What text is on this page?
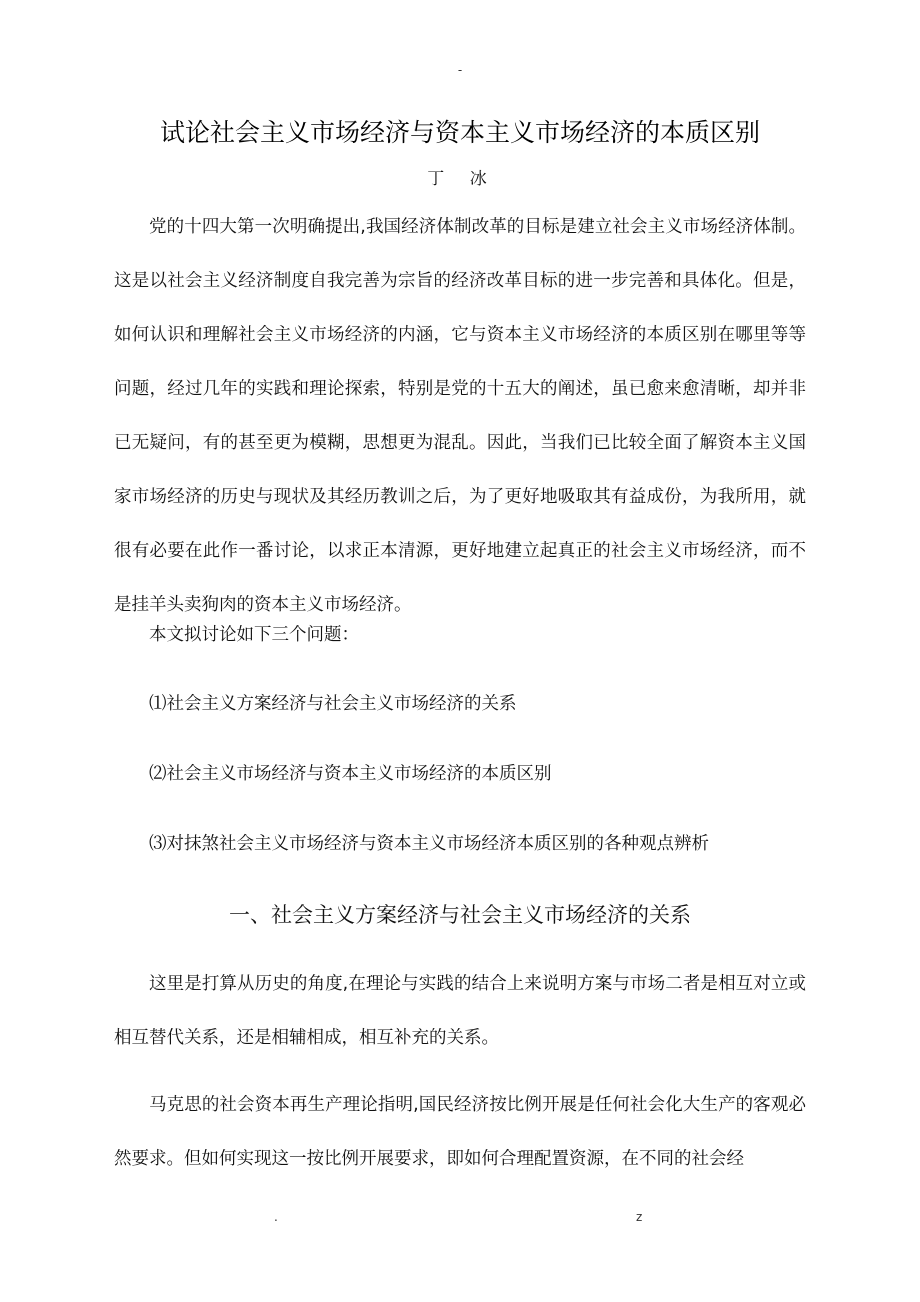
-
试论社会主义市场经济与资本主义市场经济的本质区别
丁 冰

党的十四大第一次明确提出,我国经济体制改革的目标是建立社会主义市场经济体制。这是以社会主义经济制度自我完善为宗旨的经济改革目标的进一步完善和具体化。但是，如何认识和理解社会主义市场经济的内涵，它与资本主义市场经济的本质区别在哪里等等问题，经过几年的实践和理论探索，特别是党的十五大的阐述，虽已愈来愈清晰，却并非已无疑问，有的甚至更为模糊，思想更为混乱。因此，当我们已比较全面了解资本主义国家市场经济的历史与现状及其经历教训之后，为了更好地吸取其有益成份，为我所用，就很有必要在此作一番讨论，以求正本清源，更好地建立起真正的社会主义市场经济，而不是挂羊头卖狗肉的资本主义市场经济。

本文拟讨论如下三个问题：

⑴社会主义方案经济与社会主义市场经济的关系

⑵社会主义市场经济与资本主义市场经济的本质区别

⑶对抹煞社会主义市场经济与资本主义市场经济本质区别的各种观点辨析

一、社会主义方案经济与社会主义市场经济的关系

这里是打算从历史的角度,在理论与实践的结合上来说明方案与市场二者是相互对立或相互替代关系，还是相辅相成，相互补充的关系。

马克思的社会资本再生产理论指明,国民经济按比例开展是任何社会化大生产的客观必然要求。但如何实现这一按比例开展要求，即如何合理配置资源，在不同的社会经

.	z
